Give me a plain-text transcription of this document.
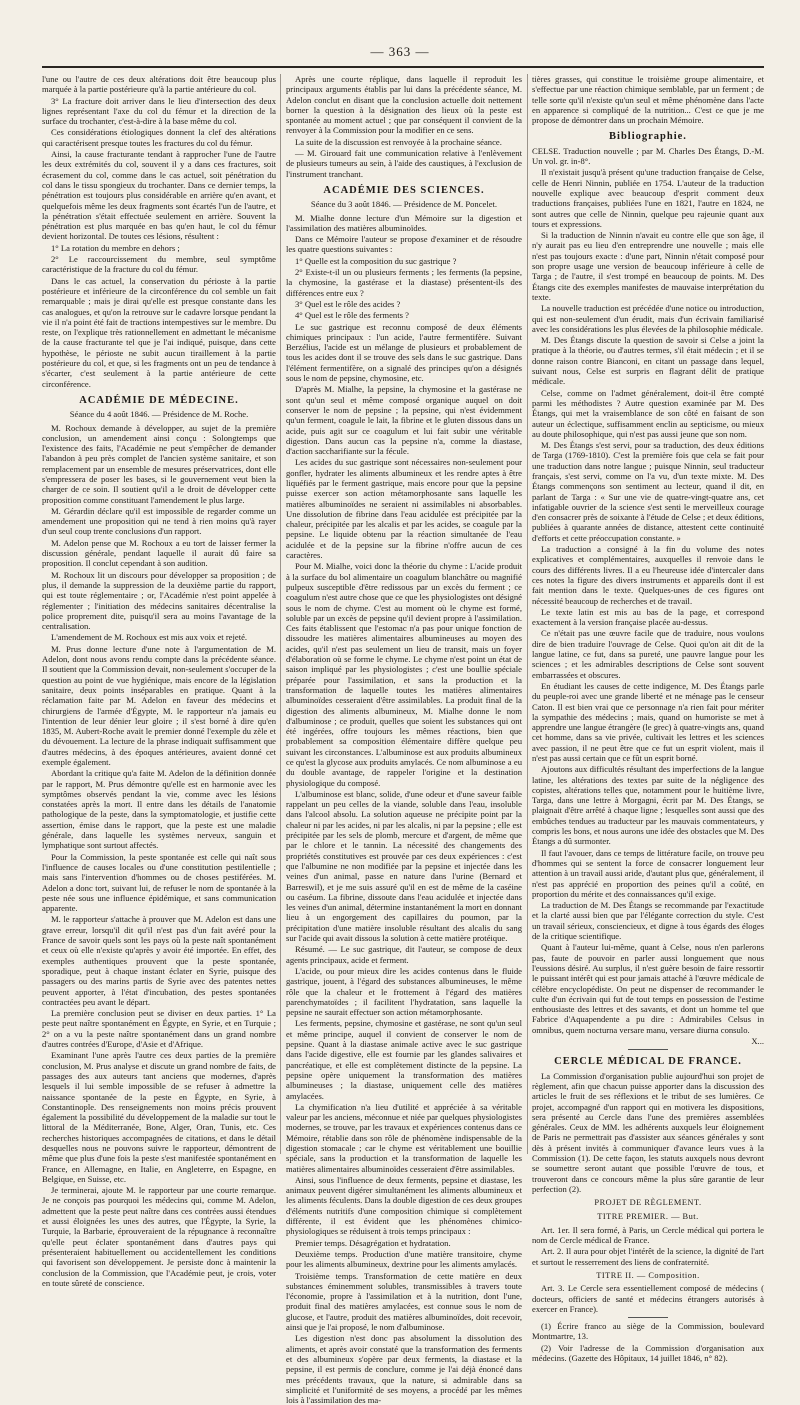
— 363 —

l'une ou l'autre de ces deux altérations doit être beaucoup plus marquée à la partie postérieure qu'à la partie antérieure du col.

3° La fracture doit arriver dans le lieu d'intersection des deux lignes représentant l'axe du col du fémur et la direction de la surface du trochanter, c'est-à-dire à la base même du col.

Ces considérations étiologiques donnent la clef des altérations qui caractérisent presque toutes les fractures du col du fémur.

Ainsi, la cause fracturante tendant à rapprocher l'une de l'autre les deux extrémités du col, souvent il y a dans ces fractures, soit écrasement du col, comme dans le cas actuel, soit pénétration du col dans le tissu spongieux du trochanter. Dans ce dernier temps, la pénétration est toujours plus considérable en arrière qu'en avant, et quelquefois même les deux fragments sont écartés l'un de l'autre, et la pénétration s'était effectuée seulement en arrière. Souvent la pénétration est plus marquée en bas qu'en haut, le col du fémur devient horizontal. De toutes ces lésions, résultent :

1° La rotation du membre en dehors ;

2° Le raccourcissement du membre, seul symptôme caractéristique de la fracture du col du fémur.

Dans le cas actuel, la conservation du périoste à la partie postérieure et inférieure de la circonférence du col semble un fait remarquable ; mais je dirai qu'elle est presque constante dans les cas analogues, et qu'on la retrouve sur le cadavre lorsque pendant la vie il n'a point été fait de tractions intempestives sur le membre. Du reste, on l'explique très rationnellement en admettant le mécanisme de la cause fracturante tel que je l'ai indiqué, puisque, dans cette hypothèse, le périoste ne subit aucun tiraillement à la partie postérieure du col, et que, si les fragments ont un peu de tendance à s'écarter, c'est seulement à la partie antérieure de cette circonférence.

ACADÉMIE DE MÉDECINE.
Séance du 4 août 1846. — Présidence de M. Roche.

M. Rochoux demande à développer, au sujet de la première conclusion, un amendement ainsi conçu : Solongtemps que l'existence des faits, l'Académie ne peut s'empêcher de demander l'abandon à peu près complet de l'ancien système sanitaire, et son remplacement par un ensemble de mesures préservatrices, dont elle s'empressera de poser les bases, si le gouvernement veut bien la charger de ce soin. Il soutient qu'il a le droit de développer cette proposition comme constituant l'amendement le plus large.

M. Gérardin déclare qu'il est impossible de regarder comme un amendement une proposition qui ne tend à rien moins qu'à rayer d'un seul coup trente conclusions d'un rapport.

M. Adelon pense que M. Rochoux a eu tort de laisser fermer la discussion générale, pendant laquelle il aurait dû faire sa proposition. Il conclut cependant à son audition.

M. Rochoux lit un discours pour développer sa proposition ; de plus, il demande la suppression de la deuxième partie du rapport, qui est toute réglementaire ; or, l'Académie n'est point appelée à réglementer ; l'initiation des médecins sanitaires décentralise la police proprement dite, puisqu'il sera au moins l'avantage de la centralisation.

L'amendement de M. Rochoux est mis aux voix et rejeté.

M. Prus donne lecture d'une note à l'argumentation de M. Adelon, dont nous avons rendu compte dans la précédente séance. Il soutient que la Commission devait, non-seulement s'occuper de la question au point de vue hygiénique, mais encore de la législation sanitaire, deux points inséparables en pratique. Quant à la réclamation faite par M. Adelon en faveur des médecins et chirurgiens de l'armée d'Égypte, M. le rapporteur n'a jamais eu l'intention de leur dénier leur gloire ; il s'est borné à dire qu'en 1835, M. Aubert-Roche avait le premier donné l'exemple du zèle et du dévouement. La lecture de la phrase indiquait suffisamment que d'autres médecins, à des époques antérieures, avaient donné cet exemple également.

Abordant la critique qu'a faite M. Adelon de la définition donnée par le rapport, M. Prus démontre qu'elle est en harmonie avec les symptômes observés pendant la vie, comme avec les lésions constatées après la mort. Il entre dans les détails de l'anatomie pathologique de la peste, dans la symptomatologie, et justifie cette assertion, émise dans le rapport, que la peste est une maladie générale, dans laquelle les systèmes nerveux, sanguin et lymphatique sont surtout affectés.

Pour la Commission, la peste spontanée est celle qui naît sous l'influence de causes locales ou d'une constitution pestilentielle ; mais sans l'intervention d'hommes ou de choses pestiférées. M. Adelon a donc tort, suivant lui, de refuser le nom de spontanée à la peste née sous une influence épidémique, et sans communication apparente.

M. le rapporteur s'attache à prouver que M. Adelon est dans une grave erreur, lorsqu'il dit qu'il n'est pas d'un fait avéré pour la France de savoir quels sont les pays où la peste naît spontanément et ceux où elle n'existe qu'après y avoir été importée. En effet, des exemples authentiques prouvent que la peste spontanée, sporadique, peut à chaque instant éclater en Syrie, puisque des passagers ou des marins partis de Syrie avec des patentes nettes peuvent apporter, à l'état d'incubation, des pestes spontanées contractées peu avant le départ.

La première conclusion peut se diviser en deux parties. 1° La peste peut naître spontanément en Égypte, en Syrie, et en Turquie ; 2° on a vu la peste naître spontanément dans un grand nombre d'autres contrées d'Europe, d'Asie et d'Afrique.

Examinant l'une après l'autre ces deux parties de la première conclusion, M. Prus analyse et discute un grand nombre de faits, de passages des aux auteurs tant anciens que modernes, d'après lesquels il lui semble impossible de se refuser à admettre la naissance spontanée de la peste en Égypte, en Syrie, à Constantinople. Des renseignements non moins précis prouvent également la possibilité du développement de la maladie sur tout le littoral de la Méditerranée, Bone, Alger, Oran, Tunis, etc. Ces recherches historiques accompagnées de citations, et dans le détail desquelles nous ne pouvons suivre le rapporteur, démontrent de même que plus d'une fois la peste s'est manifestée spontanément en France, en Allemagne, en Italie, en Angleterre, en Espagne, en Belgique, en Suisse, etc.

Je terminerai, ajoute M. le rapporteur par une courte remarque. Je ne conçois pas pourquoi les médecins qui, comme M. Adelon, admettent que la peste peut naître dans ces contrées aussi étendues et aussi éloignées les unes des autres, que l'Égypte, la Syrie, la Turquie, la Barbarie, éprouveraient de la répugnance à reconnaître qu'elle peut éclater spontanément dans d'autres pays qui présenteraient habituellement ou accidentellement les conditions qui favorisent son développement. Je persiste donc à maintenir la conclusion de la Commission, que l'Académie peut, je crois, voter en toute sûreté de conscience.

Après une courte réplique, dans laquelle il reproduit les principaux arguments établis par lui dans la précédente séance, M. Adelon conclut en disant que la conclusion actuelle doit nettement borner la question à la désignation des lieux où la peste est spontanée au moment actuel ; que par conséquent il convient de la renvoyer à la Commission pour la modifier en ce sens.

La suite de la discussion est renvoyée à la prochaine séance.

— M. Girouard fait une communication relative à l'enlèvement de plusieurs tumeurs au sein, à l'aide des caustiques, à l'exclusion de l'instrument tranchant.

ACADÉMIE DES SCIENCES.
Séance du 3 août 1846. — Présidence de M. Poncelet.

M. Mialhe donne lecture d'un Mémoire sur la digestion et l'assimilation des matières albuminoïdes.

Dans ce Mémoire l'auteur se propose d'examiner et de résoudre les quatre questions suivantes :

1° Quelle est la composition du suc gastrique ?

2° Existe-t-il un ou plusieurs ferments ; les ferments (la pepsine, la chymosine, la gastérase et la diastase) présentent-ils des différences entre eux ?

3° Quel est le rôle des acides ?

4° Quel est le rôle des ferments ?

Le suc gastrique est reconnu composé de deux éléments chimiques principaux : l'un acide, l'autre fermentifère. Suivant Berzélius, l'acide est un mélange de plusieurs et probablement de tous les acides dont il se trouve des sels dans le suc gastrique. Dans l'élément fermentifère, on a signalé des principes qu'on a désignés sous le nom de pepsine, chymosine, etc.

D'après M. Mialhe, la pepsine, la chymosine et la gastérase ne sont qu'un seul et même composé organique auquel on doit conserver le nom de pepsine ; la pepsine, qui n'est évidemment qu'un ferment, coagule le lait, la fibrine et le gluten dissous dans un acide, puis agit sur ce coagulum et lui fait subir une véritable digestion. Dans aucun cas la pepsine n'a, comme la diastase, d'action saccharifiante sur la fécule.

Les acides du suc gastrique sont nécessaires non-seulement pour gonfler, hydrater les aliments albumineux et les rendre aptes à être liquéfiés par le ferment gastrique, mais encore pour que la pepsine puisse exercer son action métamorphosante sans laquelle les matières albuminoïdes ne seraient ni assimilables ni absorbables. Une dissolution de fibrine dans l'eau acidulée est précipitée par la chaleur, précipitée par les alcalis et par les acides, se coagule par la pepsine. Le liquide obtenu par la réaction simultanée de l'eau acidulée et de la pepsine sur la fibrine n'offre aucun de ces caractères.

Pour M. Mialhe, voici donc la théorie du chyme : L'acide produit à la surface du bol alimentaire un coagulum blanchâtre ou magnifié pulpeux susceptible d'être redissous par un excès du ferment ; ce coagulum n'est autre chose que ce que les physiologistes ont désigné sous le nom de chyme. C'est au moment où le chyme est formé, soluble par un excès de pepsine qu'il devient propre à l'assimilation. Ces faits établissent que l'estomac n'a pas pour unique fonction de dissoudre les matières alimentaires albumineuses au moyen des acides, qu'il n'est pas seulement un lieu de transit, mais un foyer d'élaboration où se forme le chyme. Le chyme n'est point un état de saison impliqué par les physiologistes ; c'est une boullie spéciale préparée pour l'assimilation, et sans la production et la transformation de laquelle toutes les matières alimentaires albuminoïdes cesseraient d'être assimilables. La produit final de la digestion des aliments albumineux, M. Mialhe donne le nom d'albuminose ; ce produit, quelles que soient les substances qui ont été ingérées, offre toujours les mêmes réactions, bien que probablement sa composition élémentaire diffère quelque peu suivant les circonstances. L'albuminose est aux produits albumineux ce qu'est la glycose aux produits amylacés. Ce nom albuminose a eu du double avantage, de rappeler l'origine et la destination physiologique du composé.

L'albuminose est blanc, solide, d'une odeur et d'une saveur faible rappelant un peu celles de la viande, soluble dans l'eau, insoluble dans l'alcool absolu. La solution aqueuse ne précipite point par la chaleur ni par les acides, ni par les alcalis, ni par la pepsine ; elle est précipitée par les sels de plomb, mercure et d'argent, de même que par le chlore et le tannin. La nécessité des changements des propriétés constitutives est prouvée par ces deux expériences : c'est que l'albumine ne non modifiée par la pepsine et injectée dans les veines d'un animal, passe en nature dans l'urine (Bernard et Barreswil), et je me suis assuré qu'il en est de même de la caséine ou caséum. La fibrine, dissoute dans l'eau acidulée et injectée dans les veines d'un animal, détermine instantanément la mort en donnant lieu à un engorgement des capillaires du poumon, par la précipitation d'une matière insoluble résultant des alcalis du sang sur l'acide qui avait dissous la solution à cette matière protéique.

Résumé. — Le suc gastrique, dit l'auteur, se compose de deux agents principaux, acide et ferment.

L'acide, ou pour mieux dire les acides contenus dans le fluide gastrique, jouent, à l'égard des substances albumineuses, le même rôle que la chaleur et le frottement à l'égard des matières parenchymatoïdes ; il facilitent l'hydratation, sans laquelle la pepsine ne saurait effectuer son action métamorphosante.

Les ferments, pepsine, chymosine et gastérase, ne sont qu'un seul et même principe, auquel il convient de conserver le nom de pepsine. Quant à la diastase animale active avec le suc gastrique dans l'acide digestive, elle est fournie par les glandes salivaires et pancréatique, et elle est complètement distincte de la pepsine. La pepsine opère uniquement la transformation des matières albumineuses ; la diastase, uniquement celle des matières amylacées.

La chymification n'a lieu d'utilité et appréciée à sa véritable valeur par les anciens, méconnue et niée par quelques physiologistes modernes, se trouve, par les travaux et expériences contenus dans ce Mémoire, rétablie dans son rôle de phénomène indispensable de la digestion stomacale ; car le chyme est véritablement une bouillie spéciale, sans la production et la transformation de laquelle les matières alimentaires albuminoïdes cesseraient d'être assimilables.

Ainsi, sous l'influence de deux ferments, pepsine et diastase, les animaux peuvent digérer simultanément les aliments albumineux et les aliments féculents. Dans la double digestion de ces deux groupes d'éléments nutritifs d'une composition chimique si complètement différente, il est évident que les phénomènes chimico-physiologiques se réduisent à trois temps principaux :

Premier temps. Désagrégation et hydratation.

Deuxième temps. Production d'une matière transitoire, chyme pour les aliments albumineux, dextrine pour les aliments amylacés.

Troisième temps. Transformation de cette matière en deux substances éminemment solubles, transmissibles à travers toute l'économie, propre à l'assimilation et à la nutrition, dont l'une, produit final des matières amylacées, est connue sous le nom de glucose, et l'autre, produit des matières albuminoïdes, doit recevoir, ainsi que je l'ai proposé, le nom d'albuminose.

Les digestion n'est donc pas absolument la dissolution des aliments, et après avoir constaté que la transformation des ferments et des albumineux s'opère par deux ferments, la diastase et la pepsine, il est permis de conclure, comme je l'ai déjà énoncé dans mes précédents travaux, que la nature, si admirable dans sa simplicité et l'uniformité de ses moyens, a procédé par les mêmes lois à l'assimilation des ma-

tières grasses, qui constitue le troisième groupe alimentaire, et s'effectue par une réaction chimique semblable, par un ferment ; de telle sorte qu'il n'existe qu'un seul et même phénomène dans l'acte en apparence si compliqué de la nutrition... C'est ce que je me propose de démontrer dans un prochain Mémoire.

Bibliographie.

CELSE. Traduction nouvelle ; par M. Charles Des Étangs, D.-M. Un vol. gr. in-8°.

Il n'existait jusqu'à présent qu'une traduction française de Celse, celle de Henri Ninnin, publiée en 1754. L'auteur de la traduction nouvelle explique avec beaucoup d'esprit comment deux traductions françaises, publiées l'une en 1821, l'autre en 1824, ne sont autres que celle de Ninnin, quelque peu rajeunie quant aux tours et expressions.

Si la traduction de Ninnin n'avait eu contre elle que son âge, il n'y aurait pas eu lieu d'en entreprendre une nouvelle ; mais elle n'est pas toujours exacte : d'une part, Ninnin n'était composé pour son propre usage une version de beaucoup inférieure à celle de Targa ; de l'autre, il s'est trompé en beaucoup de points. M. Des Étangs cite des exemples manifestes de mauvaise interprétation du texte.

La nouvelle traduction est précédée d'une notice ou introduction, qui est non-seulement d'un érudit, mais d'un écrivain familiarisé avec les considérations les plus élevées de la philosophie médicale.

M. Des Étangs discute la question de savoir si Celse a joint la pratique à la théorie, ou d'autres termes, s'il était médecin ; et il se donne raison contre Bianconi, en citant un passage dans lequel, suivant nous, Celse est surpris en flagrant délit de pratique médicale.

Celse, comme on l'admet généralement, doit-il être compté parmi les méthodistes ? Autre question examinée par M. Des Étangs, qui met la vraisemblance de son côté en faisant de son auteur un éclectique, suffisamment enclin au septicisme, ou mieux au doute philosophique, qui n'est pas aussi jeune que son nom.

M. Des Étangs s'est servi, pour sa traduction, des deux éditions de Targa (1769-1810). C'est la première fois que cela se fait pour une traduction dans notre langue ; puisque Ninnin, seul traducteur français, s'est servi, comme on l'a vu, d'un texte mixte. M. Des Étangs commençons son sentiment au lecteur, quand il dit, en parlant de Targa : « Sur une vie de quatre-vingt-quatre ans, cet infatigable ouvrier de la science s'est senti le merveilleux courage d'en consacrer près de soixante à l'étude de Celse ; et deux éditions, publiées à quarante années de distance, attestent cette continuité d'efforts et cette préoccupation constante. »

La traduction a consigné à la fin du volume des notes explicatives et complémentaires, auxquelles il renvoie dans le cours des différents livres. Il a eu l'heureuse idée d'intercaler dans ces notes la figure des divers instruments et appareils dont il est fait mention dans le texte. Quelques-unes de ces figures ont nécessité beaucoup de recherches et de travail.

Le texte latin est mis au bas de la page, et correspond exactement à la version française placée au-dessus.

Ce n'était pas une œuvre facile que de traduire, nous voulons dire de bien traduire l'ouvrage de Celse. Quoi qu'on ait dit de la langue latine, ce fut, dans sa pureté, une pauvre langue pour les sciences ; et les admirables descriptions de Celse sont souvent embarrassées et obscures.

En étudiant les causes de cette indigence, M. Des Étangs parle du peuple-roi avec une grande liberté et ne ménage pas le censeur Caton. Il est bien vrai que ce personnage n'a rien fait pour mériter la sympathie des médecins ; mais, quand on humoriste se met à apprendre une langue étrangère (le grec) à quatre-vingts ans, quand cet homme, dans sa vie privée, cultivait les lettres et les sciences avec passion, il ne peut être que ce fut un esprit violent, mais il n'est pas aussi certain que ce fût un esprit borné.

Ajoutons aux difficultés résultant des imperfections de la langue latine, les altérations des textes par suite de la négligence des copistes, altérations telles que, notamment pour le huitième livre, Targa, dans une lettre à Morgagni, écrit par M. Des Étangs, se plaignait d'être arrêté à chaque ligne ; lesquelles sont aussi que des embûches tendues au traducteur par les mauvais commentateurs, y compris les bons, et nous aurons une idée des obstacles que M. Des Étangs a dû surmonter.

Il faut l'avouer, dans ce temps de littérature facile, on trouve peu d'hommes qui se sentent la force de consacrer longuement leur attention à un travail aussi aride, d'autant plus que, généralement, il n'est pas apprécié en proportion des peines qu'il a coûté, en proportion du mérite et des connaissances qu'il exige.

La traduction de M. Des Étangs se recommande par l'exactitude et la clarté aussi bien que par l'élégante correction du style. C'est un travail sérieux, consciencieux, et digne à tous égards des éloges de la critique scientifique.

Quant à l'auteur lui-même, quant à Celse, nous n'en parlerons pas, faute de pouvoir en parler aussi longuement que nous l'eussions désiré. Au surplus, il n'est guère besoin de faire ressortir le puissant intérêt qui est pour jamais attaché à l'œuvre médicale de célèbre encyclopédiste. On peut ne dispenser de recommander le culte d'un écrivain qui fut de tout temps en possession de l'estime enthousiaste des lettres et des savants, et dont un homme tel que Fabrice d'Aquapendente a pu dire : Admirabiles Celsus in omnibus, quem nocturna versare manu, versare diurna consulo.

X...

CERCLE MÉDICAL DE FRANCE.

La Commission d'organisation publie aujourd'hui son projet de règlement, afin que chacun puisse apporter dans la discussion des articles le fruit de ses réflexions et le tribut de ses lumières. Ce projet, accompagné d'un rapport qui en motivera les dispositions, sera présenté au Cercle dans l'une des premières assemblées générales. Ceux de MM. les adhérents auxquels leur éloignement de Paris ne permettrait pas d'assister aux séances générales y sont dès à présent invités à communiquer d'avance leurs vues à la Commission (1). De cette façon, les statuts auxquels nous devront se soumettre seront autant que possible l'œuvre de tous, et trouveront dans ce concours même la plus sûre garantie de leur perfection (2).

PROJET DE RÈGLEMENT.
TITRE PREMIER. — But.

Art. 1er. Il sera formé, à Paris, un Cercle médical qui portera le nom de Cercle médical de France.

Art. 2. Il aura pour objet l'intérêt de la science, la dignité de l'art et surtout le resserrement des liens de confraternité.

TITRE II. — Composition.

Art. 3. Le Cercle sera essentiellement composé de médecins ( docteurs, officiers de santé et médecins étrangers autorisés à exercer en France).

(1) Écrire franco au siège de la Commission, boulevard Montmartre, 13.

(2) Voir l'adresse de la Commission d'organisation aux médecins. (Gazette des Hôpitaux, 14 juillet 1846, n° 82).
